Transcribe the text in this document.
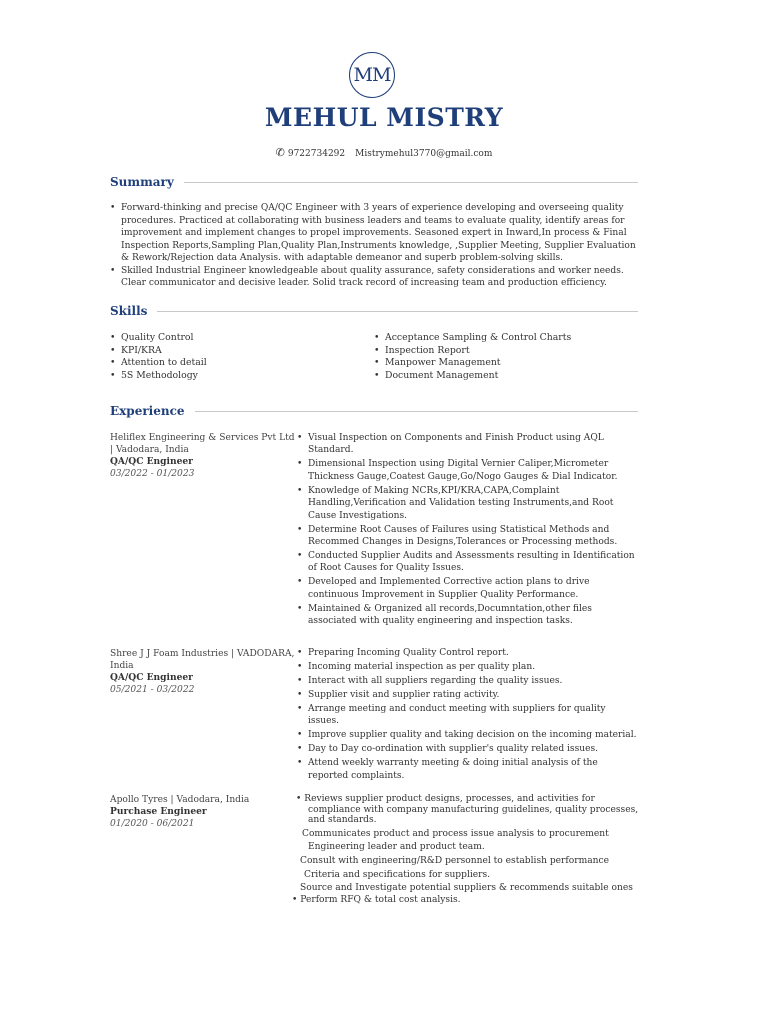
MM
MEHUL MISTRY
✆ 9722734292 Mistrymehul3770@gmail.com
Summary
• Forward-thinking and precise QA/QC Engineer with 3 years of experience developing and overseeing quality procedures. Practiced at collaborating with business leaders and teams to evaluate quality, identify areas for improvement and implement changes to propel improvements. Seasoned expert in Inward,In process & Final Inspection Reports,Sampling Plan,Quality Plan,Instruments knowledge, ,Supplier Meeting, Supplier Evaluation & Rework/Rejection data Analysis. with adaptable demeanor and superb problem-solving skills.
• Skilled Industrial Engineer knowledgeable about quality assurance, safety considerations and worker needs. Clear communicator and decisive leader. Solid track record of increasing team and production efficiency.
Skills
• Quality Control
• KPI/KRA
• Attention to detail
• 5S Methodology
• Acceptance Sampling & Control Charts
• Inspection Report
• Manpower Management
• Document Management
Experience
Heliflex Engineering & Services Pvt Ltd | Vadodara, India
QA/QC Engineer
03/2022 - 01/2023
• Visual Inspection on Components and Finish Product using AQL Standard.
• Dimensional Inspection using Digital Vernier Caliper,Micrometer Thickness Gauge,Coatest Gauge,Go/Nogo Gauges & Dial Indicator.
• Knowledge of Making NCRs,KPI/KRA,CAPA,Complaint Handling,Verification and Validation testing Instruments,and Root Cause Investigations.
• Determine Root Causes of Failures using Statistical Methods and Recommed Changes in Designs,Tolerances or Processing methods.
• Conducted Supplier Audits and Assessments resulting in Identification of Root Causes for Quality Issues.
• Developed and Implemented Corrective action plans to drive continuous Improvement in Supplier Quality Performance.
• Maintained & Organized all records,Documntation,other files associated with quality engineering and inspection tasks.
Shree J J Foam Industries | VADODARA, India
QA/QC Engineer
05/2021 - 03/2022
• Preparing Incoming Quality Control report.
• Incoming material inspection as per quality plan.
• Interact with all suppliers regarding the quality issues.
• Supplier visit and supplier rating activity.
• Arrange meeting and conduct meeting with suppliers for quality issues.
• Improve supplier quality and taking decision on the incoming material.
• Day to Day co-ordination with supplier's quality related issues.
• Attend weekly warranty meeting & doing initial analysis of the reported complaints.
Apollo Tyres | Vadodara, India
Purchase Engineer
01/2020 - 06/2021
• Reviews supplier product designs, processes, and activities for
compliance with company manufacturing guidelines, quality processes,
and standards.
Communicates product and process issue analysis to procurement
Engineering leader and product team.
Consult with engineering/R&D personnel to establish performance
Criteria and specifications for suppliers.
Source and Investigate potential suppliers & recommends suitable ones
• Perform RFQ & total cost analysis.
